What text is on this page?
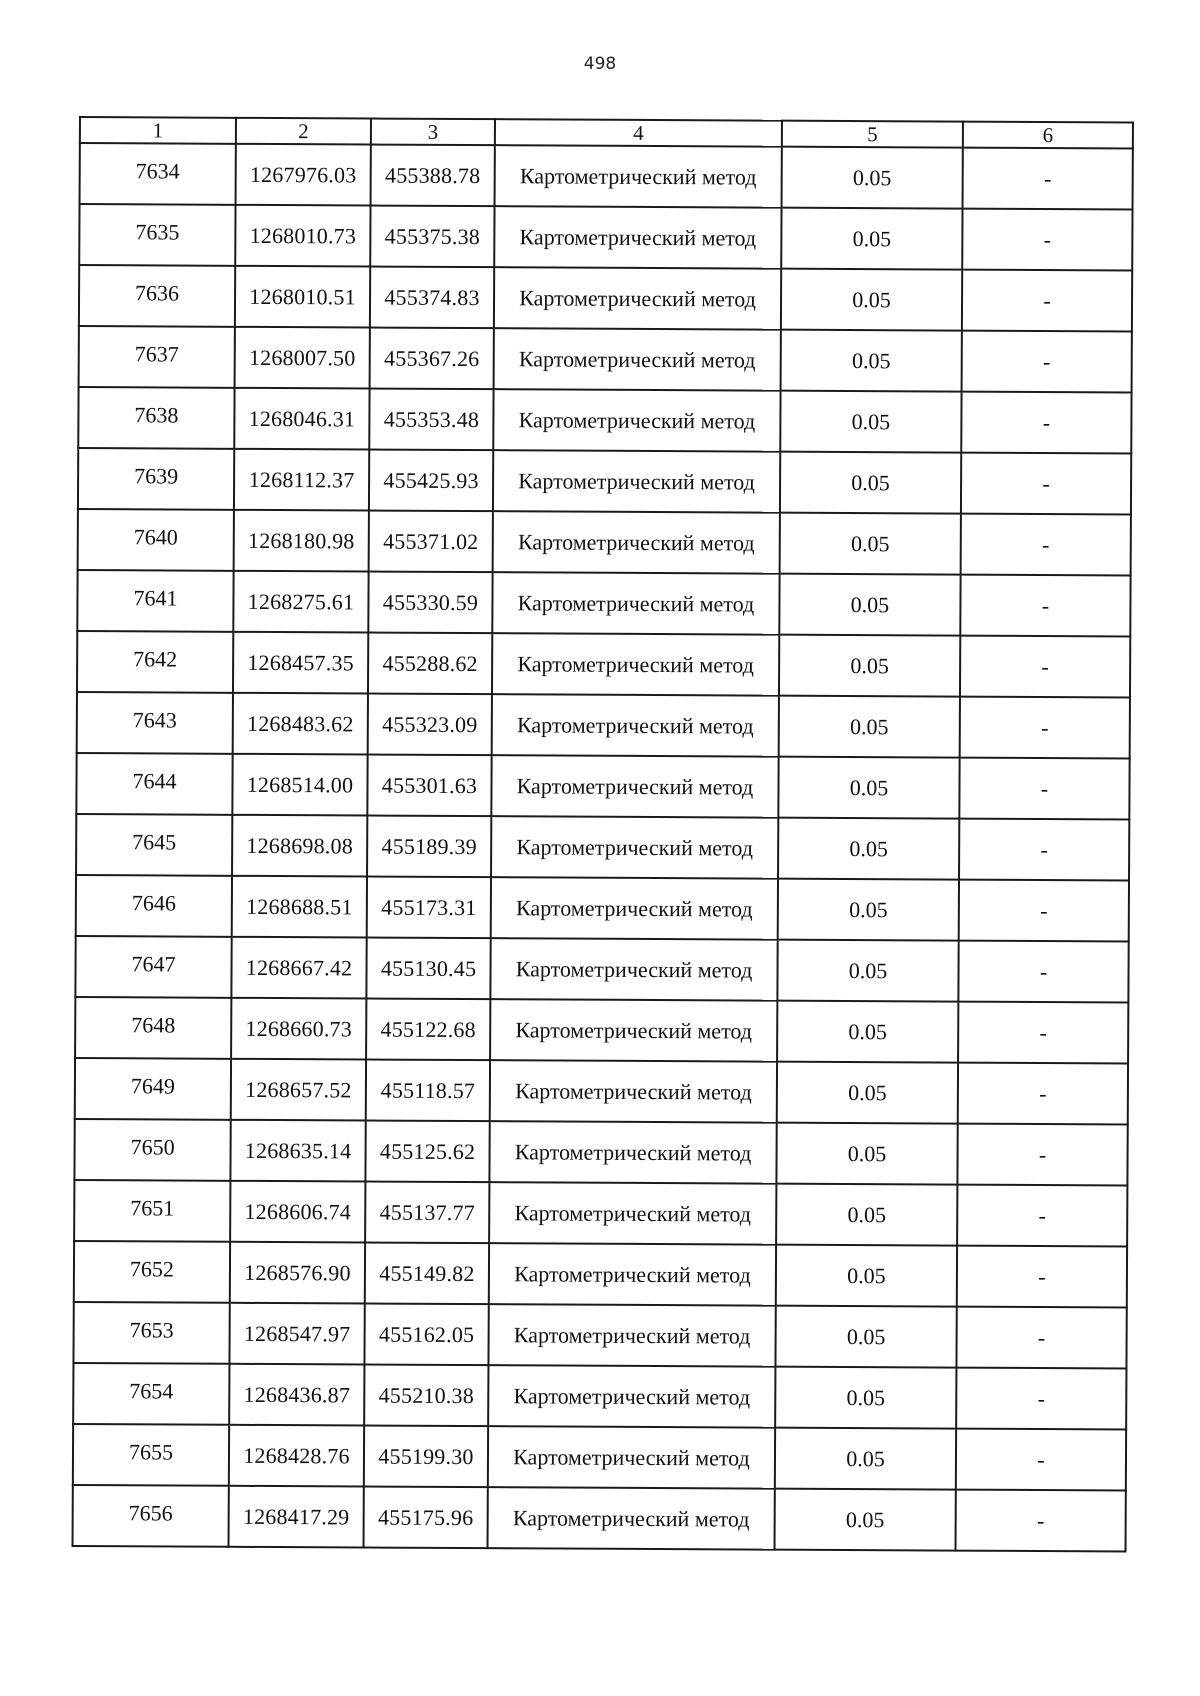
498
1	2	3	4	5	6
7634	1267976.03	455388.78	Картометрический метод	0.05	-
7635	1268010.73	455375.38	Картометрический метод	0.05	-
7636	1268010.51	455374.83	Картометрический метод	0.05	-
7637	1268007.50	455367.26	Картометрический метод	0.05	-
7638	1268046.31	455353.48	Картометрический метод	0.05	-
7639	1268112.37	455425.93	Картометрический метод	0.05	-
7640	1268180.98	455371.02	Картометрический метод	0.05	-
7641	1268275.61	455330.59	Картометрический метод	0.05	-
7642	1268457.35	455288.62	Картометрический метод	0.05	-
7643	1268483.62	455323.09	Картометрический метод	0.05	-
7644	1268514.00	455301.63	Картометрический метод	0.05	-
7645	1268698.08	455189.39	Картометрический метод	0.05	-
7646	1268688.51	455173.31	Картометрический метод	0.05	-
7647	1268667.42	455130.45	Картометрический метод	0.05	-
7648	1268660.73	455122.68	Картометрический метод	0.05	-
7649	1268657.52	455118.57	Картометрический метод	0.05	-
7650	1268635.14	455125.62	Картометрический метод	0.05	-
7651	1268606.74	455137.77	Картометрический метод	0.05	-
7652	1268576.90	455149.82	Картометрический метод	0.05	-
7653	1268547.97	455162.05	Картометрический метод	0.05	-
7654	1268436.87	455210.38	Картометрический метод	0.05	-
7655	1268428.76	455199.30	Картометрический метод	0.05	-
7656	1268417.29	455175.96	Картометрический метод	0.05	-
